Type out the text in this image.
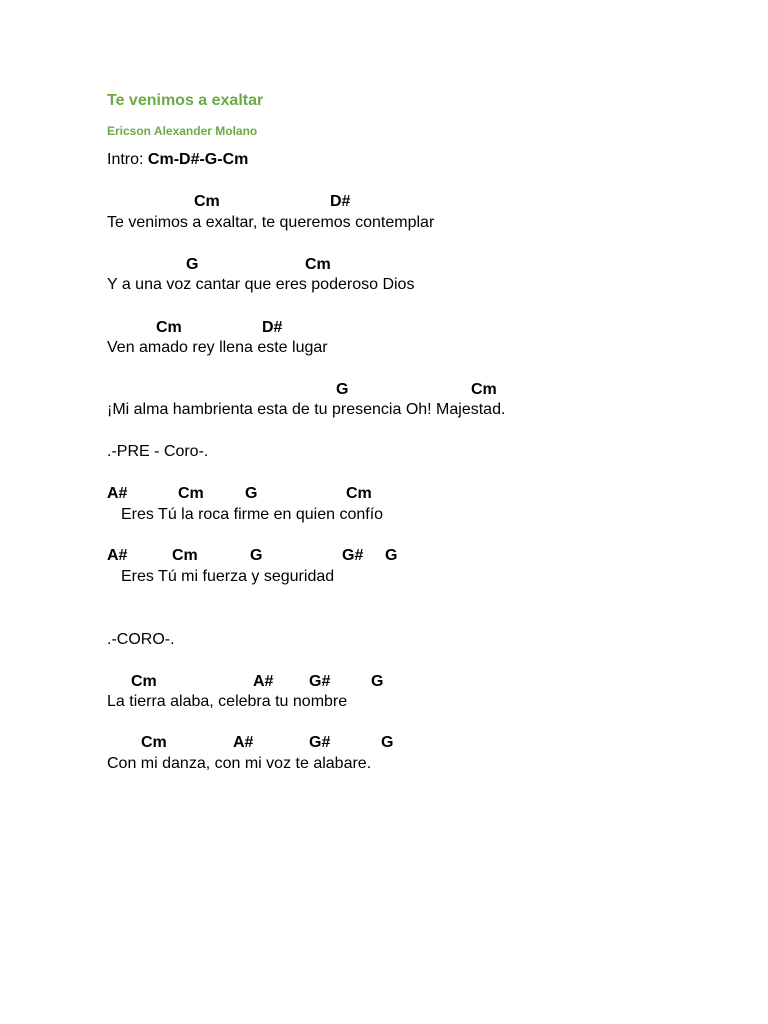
Te venimos a exaltar
Ericson Alexander Molano
Intro: Cm-D#-G-Cm
Cm	D#
Te venimos a exaltar, te queremos contemplar
G	Cm
Y a una voz cantar que eres poderoso Dios
Cm	D#
Ven amado rey llena este lugar
G	Cm
¡Mi alma hambrienta esta de tu presencia Oh! Majestad.
.-PRE - Coro-.
A#	Cm	G	Cm
Eres Tú la roca firme en quien confío
A#	Cm	G	G# G
Eres Tú mi fuerza y seguridad
.-CORO-.
Cm	A# G#	G
La tierra alaba, celebra tu nombre
Cm	A#	G#	G
Con mi danza, con mi voz te alabare.
